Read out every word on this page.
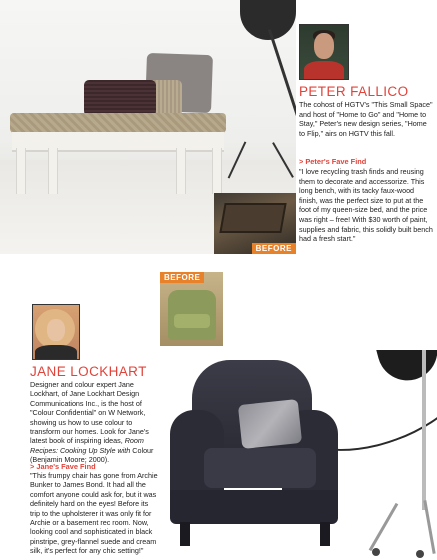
BEFORE
PETER FALLICO
The cohost of HGTV's "This Small Space" and host of "Home to Go" and "Home to Stay," Peter's new design series, "Home to Flip," airs on HGTV this fall.
> Peter's Fave Find
"I love recycling trash finds and reusing them to decorate and accessorize. This long bench, with its tacky faux-wood finish, was the perfect size to put at the foot of my queen-size bed, and the price was right – free! With $30 worth of paint, supplies and fabric, this solidly built bench had a fresh start."
JANE LOCKHART
Designer and colour expert Jane Lockhart, of Jane Lockhart Design Communications Inc., is the host of "Colour Confidential" on W Network, showing us how to use colour to transform our homes. Look for Jane's latest book of inspiring ideas, Room Recipes: Cooking Up Style with Colour (Benjamin Moore; 2000).
> Jane's Fave Find
"This frumpy chair has gone from Archie Bunker to James Bond. It had all the comfort anyone could ask for, but it was definitely hard on the eyes! Before its trip to the upholsterer it was only fit for Archie or a basement rec room. Now, looking cool and sophisticated in black pinstripe, grey-flannel suede and cream silk, it's perfect for any chic setting!"
BEFORE
